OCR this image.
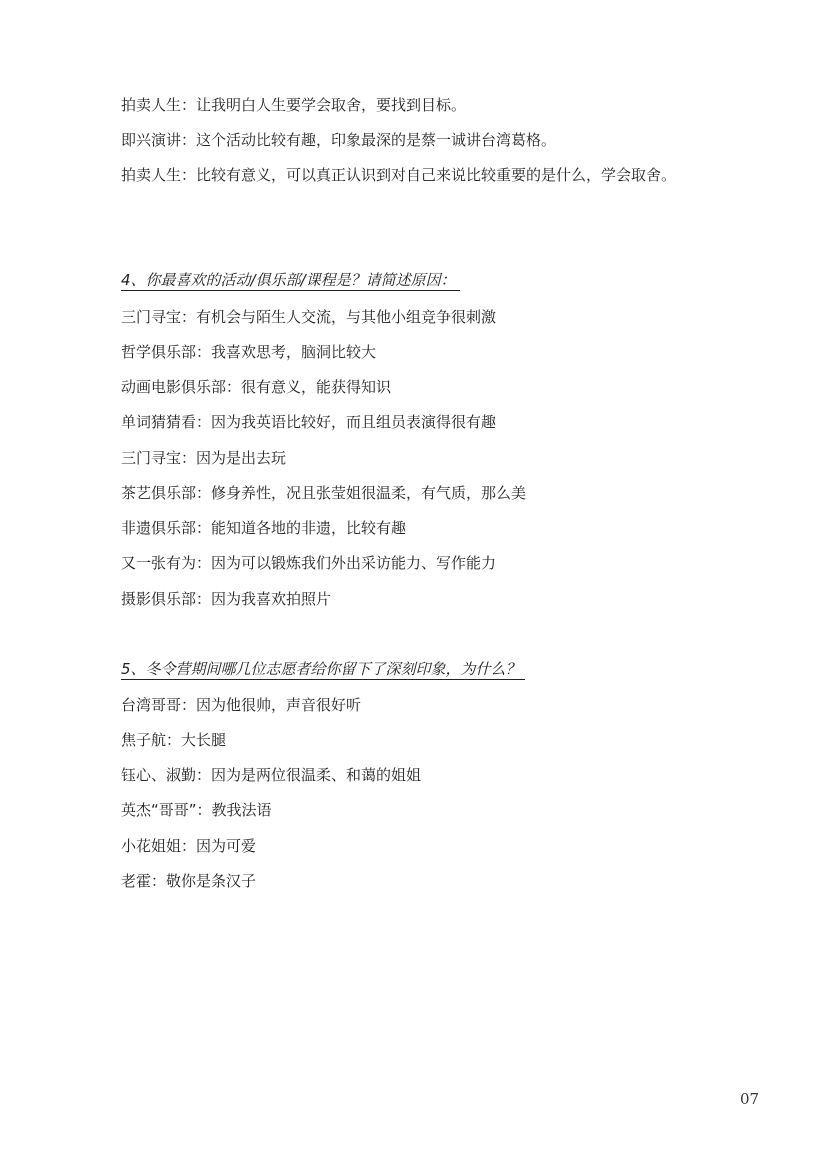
拍卖人生：让我明白人生要学会取舍，要找到目标。
即兴演讲：这个活动比较有趣，印象最深的是蔡一诚讲台湾葛格。
拍卖人生：比较有意义，可以真正认识到对自己来说比较重要的是什么，学会取舍。
4、你最喜欢的活动/俱乐部/课程是？请简述原因：
三门寻宝：有机会与陌生人交流，与其他小组竞争很刺激
哲学俱乐部：我喜欢思考，脑洞比较大
动画电影俱乐部：很有意义，能获得知识
单词猜猜看：因为我英语比较好，而且组员表演得很有趣
三门寻宝：因为是出去玩
茶艺俱乐部：修身养性，况且张莹姐很温柔，有气质，那么美
非遗俱乐部：能知道各地的非遗，比较有趣
又一张有为：因为可以锻炼我们外出采访能力、写作能力
摄影俱乐部：因为我喜欢拍照片
5、冬令营期间哪几位志愿者给你留下了深刻印象，为什么？
台湾哥哥：因为他很帅，声音很好听
焦子航：大长腿
钰心、淑勤：因为是两位很温柔、和蔼的姐姐
英杰“哥哥”：教我法语
小花姐姐：因为可爱
老霍：敬你是条汉子
07
